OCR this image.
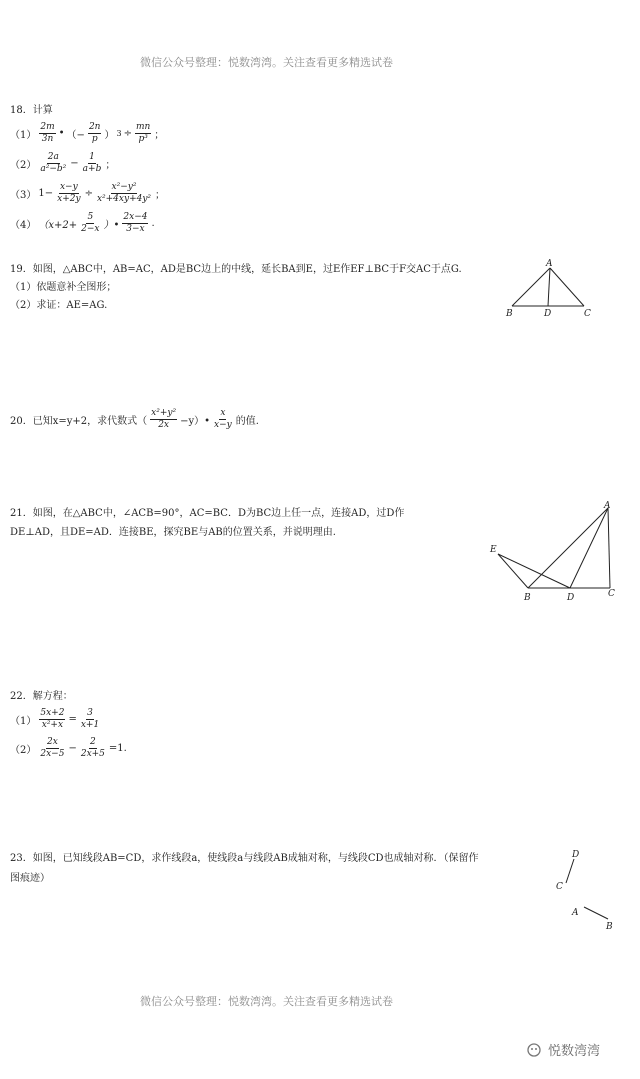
微信公众号整理：悦数湾湾。关注查看更多精选试卷
18．计算
$(1) \frac{2m}{3n}$ • （− $\frac{2n}{p}$ ） $3 \div \frac{mn}{\text{p³}}$ ；
$(2) \frac{2a}{\text{a²−b²}} - \frac{1}{a+b}$ ；
（3） $1- \frac{x-y}{x+2y} \div \frac{\text{x²−y²}}{\text{x²+4xy+4y²}}$ ；
（4） （$x+2+ \frac{5}{2-x}$ ）• $\frac{2x-4}{3-x}$ .
19．如图，△ABC中，AB=AC，AD是BC边上的中线，延长BA到E，过E作EF⊥BC于F交AC于点G.
（1）依题意补全图形；
（2）求证：AE=AG.
A
B	D	C
20．已知x=y+2，求代数式（ $\frac{\text{x²+y²}}{2x}$ −y）• $\frac{x}{x-y}$ 的值.
21．如图，在△ABC中，∠ACB=90°，AC=BC．D为BC边上任一点，连接AD，过D作
DE⊥AD，且DE=AD．连接BE，探究BE与AB的位置关系，并说明理由.
A
E
B	D	C
22．解方程：
$(1) \frac{5x+2}{\text{x²+x}} = \frac{3}{x+1}$
$(2) \frac{2x}{2x-5} - \frac{2}{2x+5} =1$.
23．如图，已知线段AB=CD，求作线段a，使线段a与线段AB成轴对称，与线段CD也成轴对称．（保留作
图痕迹）
D
C
A
B
微信公众号整理：悦数湾湾。关注查看更多精选试卷
悦数湾湾
